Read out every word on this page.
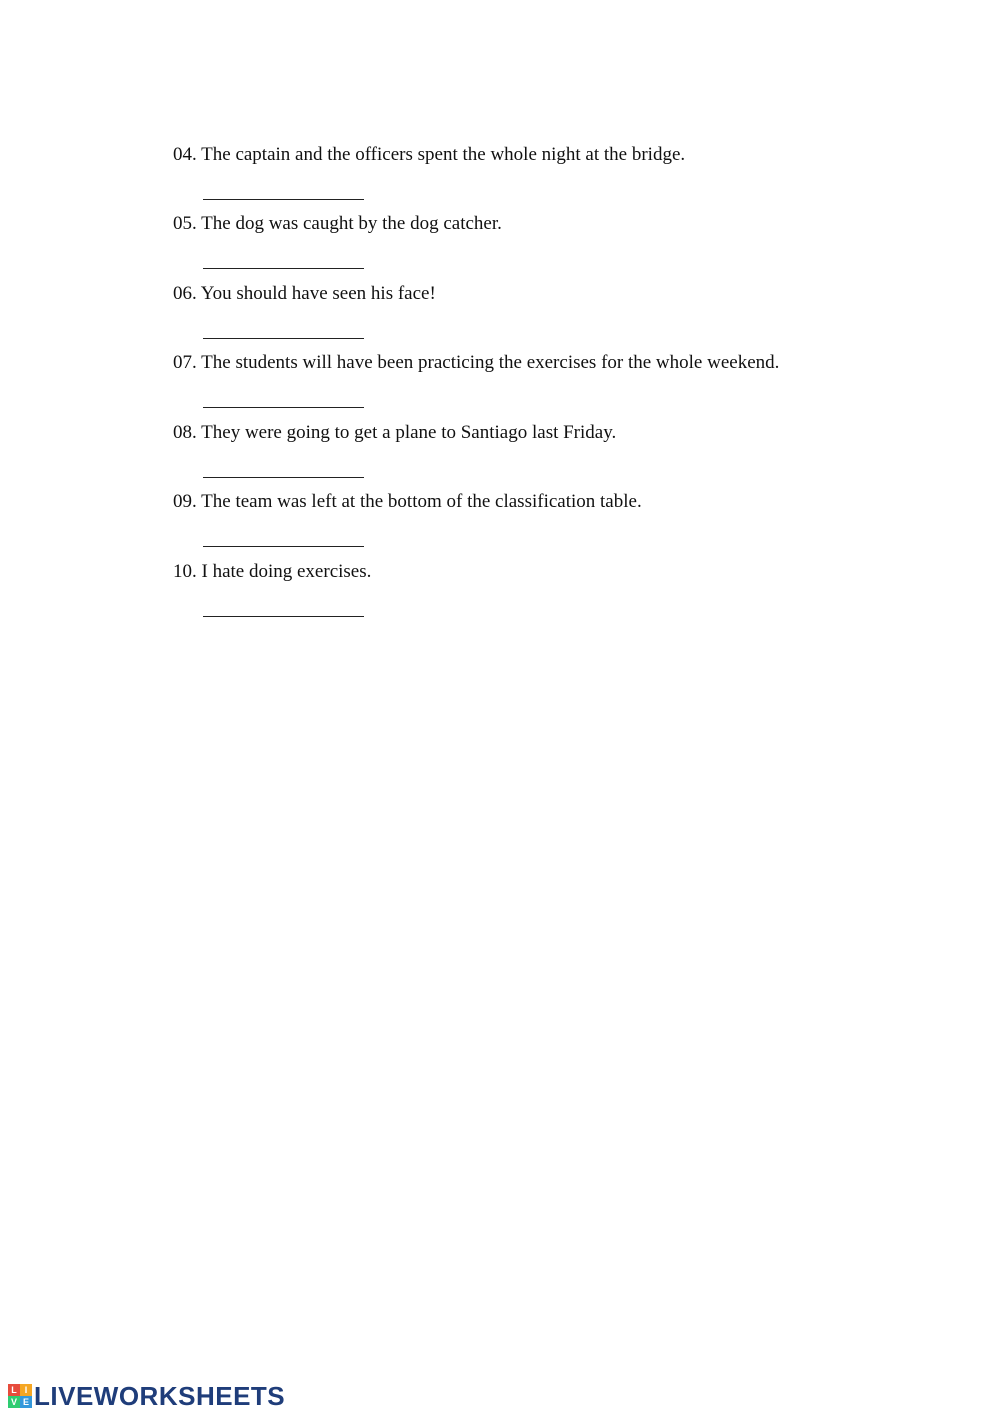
04. The captain and the officers spent the whole night at the bridge.
05. The dog was caught by the dog catcher.
06. You should have seen his face!
07. The students will have been practicing the exercises for the whole weekend.
08. They were going to get a plane to Santiago last Friday.
09. The team was left at the bottom of the classification table.
10. I hate doing exercises.
L I
V E LIVEWORKSHEETS
